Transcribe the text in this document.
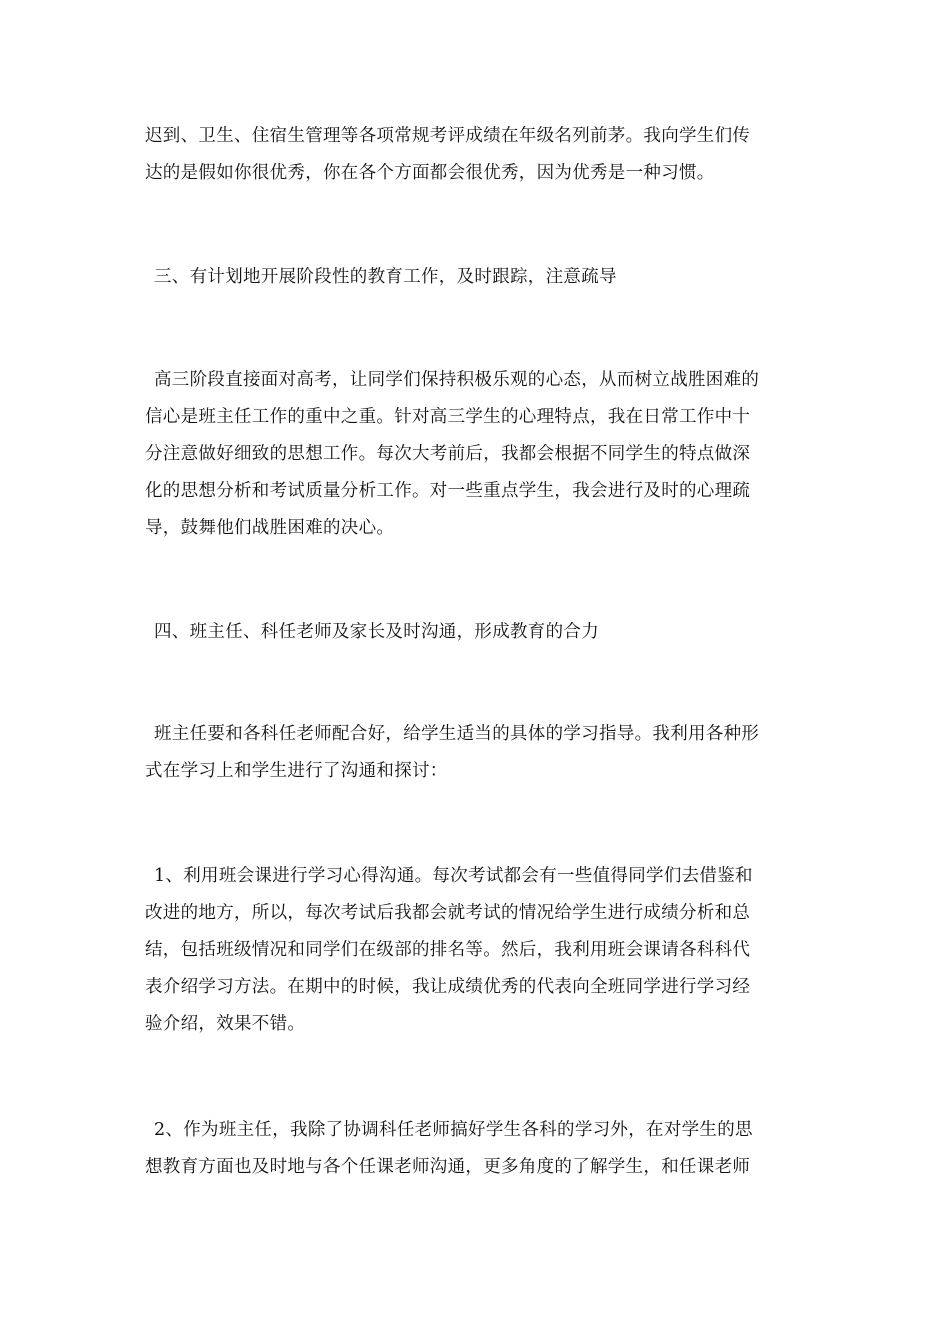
迟到、卫生、住宿生管理等各项常规考评成绩在年级名列前茅。我向学生们传
达的是假如你很优秀，你在各个方面都会很优秀，因为优秀是一种习惯。
三、有计划地开展阶段性的教育工作，及时跟踪，注意疏导
高三阶段直接面对高考，让同学们保持积极乐观的心态，从而树立战胜困难的
信心是班主任工作的重中之重。针对高三学生的心理特点，我在日常工作中十
分注意做好细致的思想工作。每次大考前后，我都会根据不同学生的特点做深
化的思想分析和考试质量分析工作。对一些重点学生，我会进行及时的心理疏
导，鼓舞他们战胜困难的决心。
四、班主任、科任老师及家长及时沟通，形成教育的合力
班主任要和各科任老师配合好，给学生适当的具体的学习指导。我利用各种形
式在学习上和学生进行了沟通和探讨：
1、利用班会课进行学习心得沟通。每次考试都会有一些值得同学们去借鉴和
改进的地方，所以，每次考试后我都会就考试的情况给学生进行成绩分析和总
结，包括班级情况和同学们在级部的排名等。然后，我利用班会课请各科科代
表介绍学习方法。在期中的时候，我让成绩优秀的代表向全班同学进行学习经
验介绍，效果不错。
2、作为班主任，我除了协调科任老师搞好学生各科的学习外，在对学生的思
想教育方面也及时地与各个任课老师沟通，更多角度的了解学生，和任课老师
